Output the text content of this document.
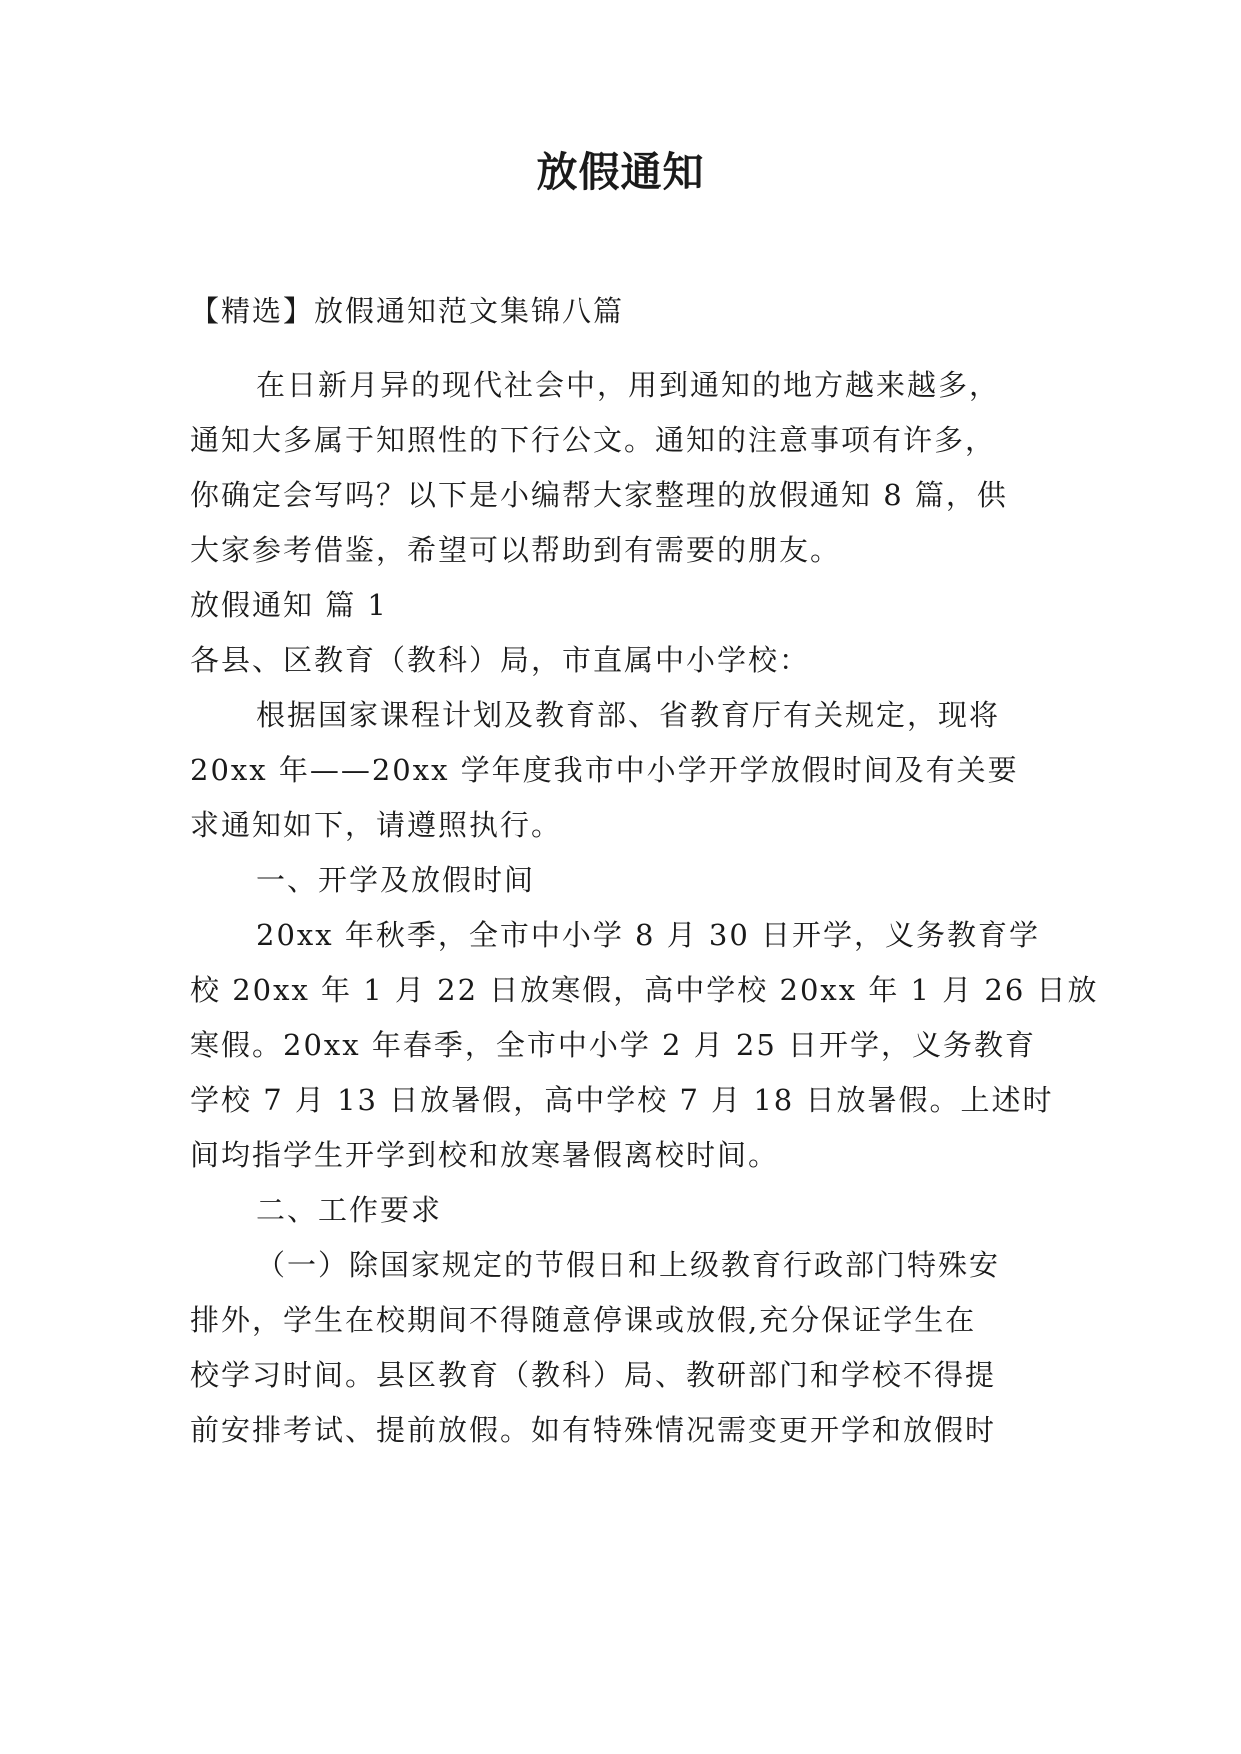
放假通知
【精选】放假通知范文集锦八篇
在日新月异的现代社会中，用到通知的地方越来越多，
通知大多属于知照性的下行公文。通知的注意事项有许多，
你确定会写吗？以下是小编帮大家整理的放假通知 8 篇，供
大家参考借鉴，希望可以帮助到有需要的朋友。
放假通知 篇 1
各县、区教育（教科）局，市直属中小学校：
根据国家课程计划及教育部、省教育厅有关规定，现将
20xx 年——20xx 学年度我市中小学开学放假时间及有关要
求通知如下，请遵照执行。
一、开学及放假时间
20xx 年秋季，全市中小学 8 月 30 日开学，义务教育学
校 20xx 年 1 月 22 日放寒假，高中学校 20xx 年 1 月 26 日放
寒假。20xx 年春季，全市中小学 2 月 25 日开学，义务教育
学校 7 月 13 日放暑假，高中学校 7 月 18 日放暑假。上述时
间均指学生开学到校和放寒暑假离校时间。
二、工作要求
（一）除国家规定的节假日和上级教育行政部门特殊安
排外，学生在校期间不得随意停课或放假,充分保证学生在
校学习时间。县区教育（教科）局、教研部门和学校不得提
前安排考试、提前放假。如有特殊情况需变更开学和放假时
